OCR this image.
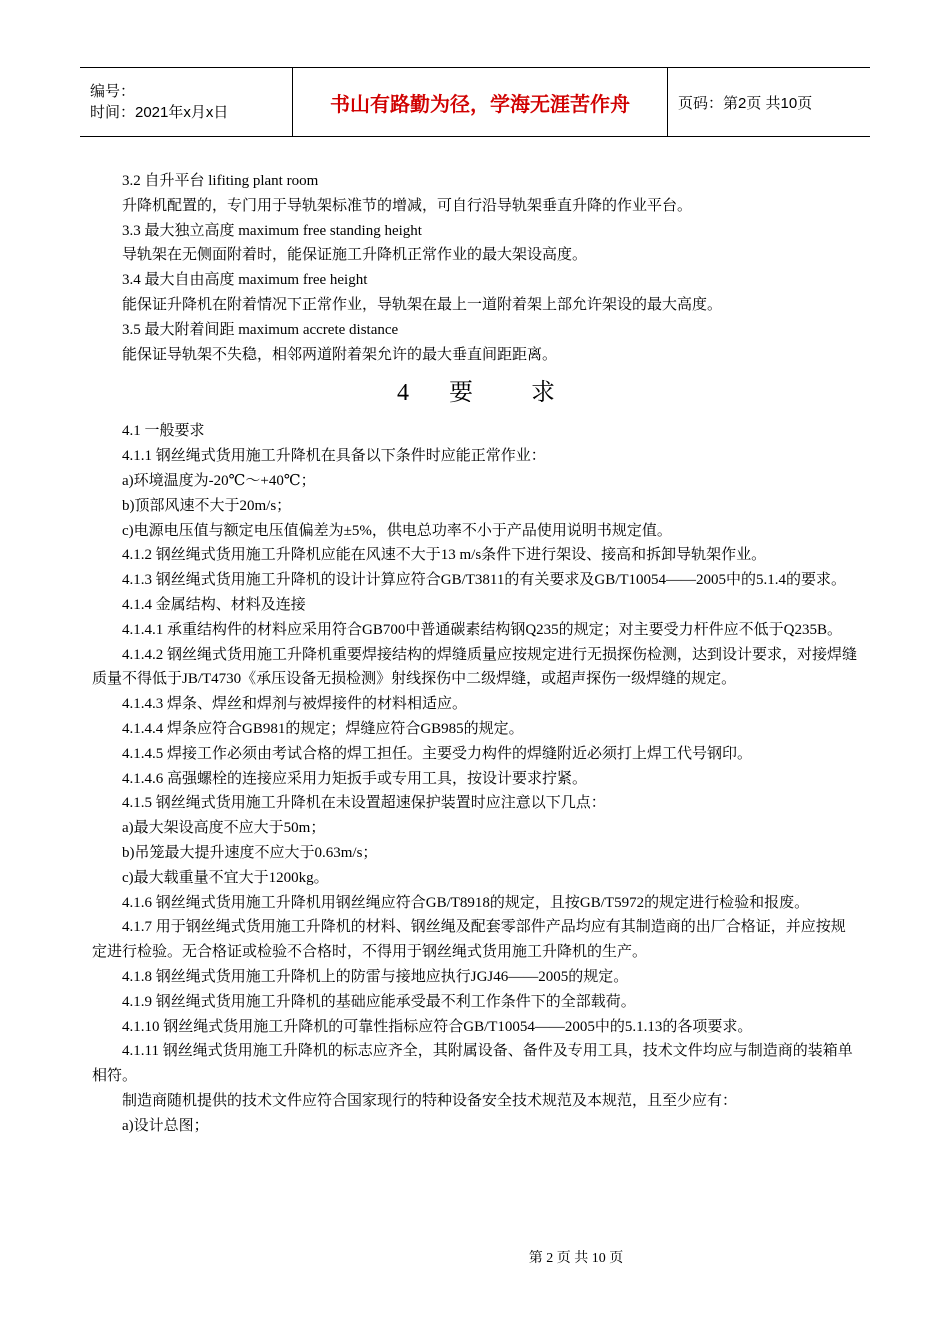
编号：
时间：2021年x月x日	书山有路勤为径，学海无涯苦作舟	页码：第2页 共10页

3.2 自升平台 lifiting plant room

升降机配置的，专门用于导轨架标准节的增减，可自行沿导轨架垂直升降的作业平台。

3.3 最大独立高度 maximum free standing height

导轨架在无侧面附着时，能保证施工升降机正常作业的最大架设高度。

3.4 最大自由高度 maximum free height

能保证升降机在附着情况下正常作业，导轨架在最上一道附着架上部允许架设的最大高度。

3.5 最大附着间距 maximum accrete distance

能保证导轨架不失稳，相邻两道附着架允许的最大垂直间距距离。

4 要 求

4.1 一般要求

4.1.1 钢丝绳式货用施工升降机在具备以下条件时应能正常作业：

a)环境温度为-20℃～+40℃；

b)顶部风速不大于20m/s；

c)电源电压值与额定电压值偏差为±5%，供电总功率不小于产品使用说明书规定值。

4.1.2 钢丝绳式货用施工升降机应能在风速不大于13 m/s条件下进行架设、接高和拆卸导轨架作业。

4.1.3 钢丝绳式货用施工升降机的设计计算应符合GB/T3811的有关要求及GB/T10054——2005中的5.1.4的要求。

4.1.4 金属结构、材料及连接

4.1.4.1 承重结构件的材料应采用符合GB700中普通碳素结构钢Q235的规定；对主要受力杆件应不低于Q235B。

4.1.4.2 钢丝绳式货用施工升降机重要焊接结构的焊缝质量应按规定进行无损探伤检测，达到设计要求，对接焊缝质量不得低于JB/T4730《承压设备无损检测》射线探伤中二级焊缝，或超声探伤一级焊缝的规定。

4.1.4.3 焊条、焊丝和焊剂与被焊接件的材料相适应。

4.1.4.4 焊条应符合GB981的规定；焊缝应符合GB985的规定。

4.1.4.5 焊接工作必须由考试合格的焊工担任。主要受力构件的焊缝附近必须打上焊工代号钢印。

4.1.4.6 高强螺栓的连接应采用力矩扳手或专用工具，按设计要求拧紧。

4.1.5 钢丝绳式货用施工升降机在未设置超速保护装置时应注意以下几点：

a)最大架设高度不应大于50m；

b)吊笼最大提升速度不应大于0.63m/s；

c)最大载重量不宜大于1200kg。

4.1.6 钢丝绳式货用施工升降机用钢丝绳应符合GB/T8918的规定，且按GB/T5972的规定进行检验和报废。

4.1.7 用于钢丝绳式货用施工升降机的材料、钢丝绳及配套零部件产品均应有其制造商的出厂合格证，并应按规定进行检验。无合格证或检验不合格时，不得用于钢丝绳式货用施工升降机的生产。

4.1.8 钢丝绳式货用施工升降机上的防雷与接地应执行JGJ46——2005的规定。

4.1.9 钢丝绳式货用施工升降机的基础应能承受最不利工作条件下的全部载荷。

4.1.10 钢丝绳式货用施工升降机的可靠性指标应符合GB/T10054——2005中的5.1.13的各项要求。

4.1.11 钢丝绳式货用施工升降机的标志应齐全，其附属设备、备件及专用工具，技术文件均应与制造商的装箱单相符。

制造商随机提供的技术文件应符合国家现行的特种设备安全技术规范及本规范，且至少应有：

a)设计总图；

第 2 页 共 10 页
